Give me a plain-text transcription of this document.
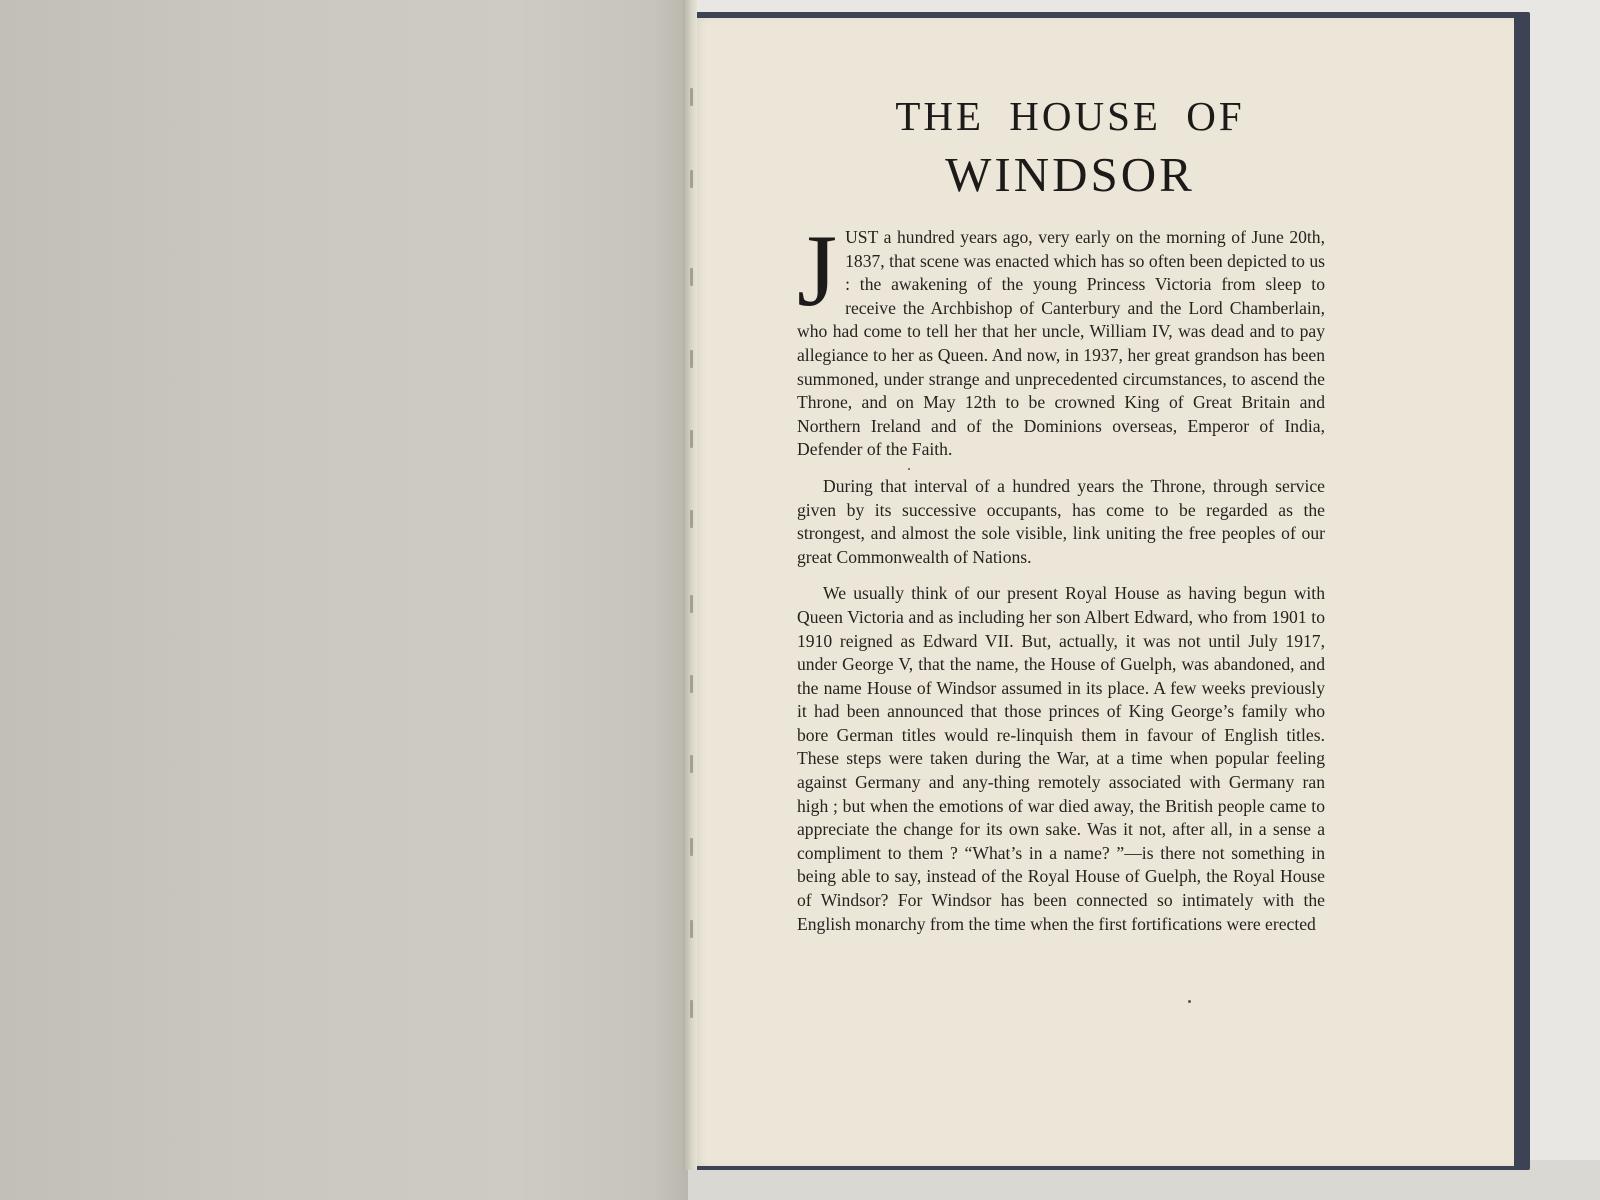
THE HOUSE OF
WINDSOR

JUST a hundred years ago, very early on the morning of June 20th, 1837, that scene was enacted which has so often been depicted to us : the awakening of the young Princess Victoria from sleep to receive the Archbishop of Canterbury and the Lord Chamberlain, who had come to tell her that her uncle, William IV, was dead and to pay allegiance to her as Queen. And now, in 1937, her great grandson has been summoned, under strange and unprecedented circumstances, to ascend the Throne, and on May 12th to be crowned King of Great Britain and Northern Ireland and of the Dominions overseas, Emperor of India, Defender of the Faith.

During that interval of a hundred years the Throne, through service given by its successive occupants, has come to be regarded as the strongest, and almost the sole visible, link uniting the free peoples of our great Commonwealth of Nations.

We usually think of our present Royal House as having begun with Queen Victoria and as including her son Albert Edward, who from 1901 to 1910 reigned as Edward VII. But, actually, it was not until July 1917, under George V, that the name, the House of Guelph, was abandoned, and the name House of Windsor assumed in its place. A few weeks previously it had been announced that those princes of King George’s family who bore German titles would re-linquish them in favour of English titles. These steps were taken during the War, at a time when popular feeling against Germany and any-thing remotely associated with Germany ran high ; but when the emotions of war died away, the British people came to appreciate the change for its own sake. Was it not, after all, in a sense a compliment to them ? “What’s in a name? ”—is there not something in being able to say, instead of the Royal House of Guelph, the Royal House of Windsor? For Windsor has been connected so intimately with the English monarchy from the time when the first fortifications were erected
